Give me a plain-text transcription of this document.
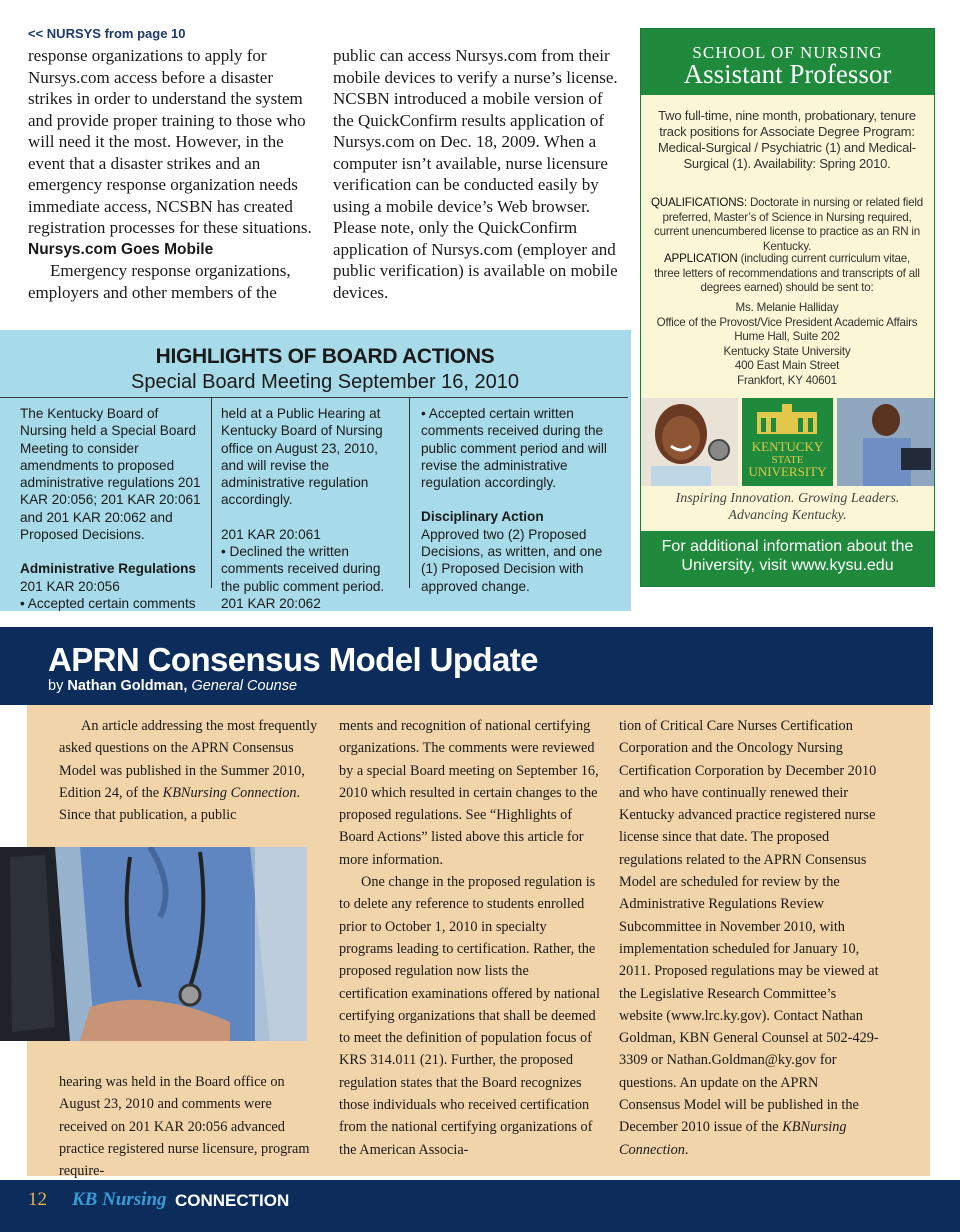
<< NURSYS from page 10

response organizations to apply for Nursys.com access before a disaster strikes in order to understand the system and provide proper training to those who will need it the most. However, in the event that a disaster strikes and an emergency response organization needs immediate access, NCSBN has created registration processes for these situations.

Nursys.com Goes Mobile

Emergency response organizations, employers and other members of the

public can access Nursys.com from their mobile devices to verify a nurse’s license. NCSBN introduced a mobile version of the QuickConfirm results application of Nursys.com on Dec. 18, 2009. When a computer isn’t available, nurse licensure verification can be conducted easily by using a mobile device’s Web browser. Please note, only the QuickConfirm application of Nursys.com (employer and public verification) is available on mobile devices.

HIGHLIGHTS OF BOARD ACTIONS
Special Board Meeting September 16, 2010

The Kentucky Board of Nursing held a Special Board Meeting to consider amendments to proposed administrative regulations 201 KAR 20:056; 201 KAR 20:061 and 201 KAR 20:062 and Proposed Decisions.

Administrative Regulations

201 KAR 20:056

• Accepted certain comments

held at a Public Hearing at Kentucky Board of Nursing office on August 23, 2010, and will revise the administrative regulation accordingly.

201 KAR 20:061

• Declined the written comments received during the public comment period.

201 KAR 20:062

• Accepted certain written comments received during the public comment period and will revise the administrative regulation accordingly.

Disciplinary Action

Approved two (2) Proposed Decisions, as written, and one (1) Proposed Decision with approved change.

SCHOOL OF NURSING
Assistant Professor
Two full-time, nine month, probationary, tenure track positions for Associate Degree Program: Medical-Surgical / Psychiatric (1) and Medical-Surgical (1). Availability: Spring 2010.
QUALIFICATIONS: Doctorate in nursing or related field preferred, Master’s of Science in Nursing required, current unencumbered license to practice as an RN in Kentucky.
APPLICATION (including current curriculum vitae, three letters of recommendations and transcripts of all degrees earned) should be sent to:
Ms. Melanie Halliday
Office of the Provost/Vice President Academic Affairs
Hume Hall, Suite 202
Kentucky State University
400 East Main Street
Frankfort, KY 40601
KENTUCKY
STATE
UNIVERSITY
Inspiring Innovation. Growing Leaders.
Advancing Kentucky.
For additional information about the
University, visit www.kysu.edu
APRN Consensus Model Update
by Nathan Goldman, General Counse

An article addressing the most frequently asked questions on the APRN Consensus Model was published in the Summer 2010, Edition 24, of the KBNursing Connection. Since that publication, a public

hearing was held in the Board office on August 23, 2010 and comments were received on 201 KAR 20:056 advanced practice registered nurse licensure, program require-

ments and recognition of national certifying organizations. The comments were reviewed by a special Board meeting on September 16, 2010 which resulted in certain changes to the proposed regulations. See “Highlights of Board Actions” listed above this article for more information.

One change in the proposed regulation is to delete any reference to students enrolled prior to October 1, 2010 in specialty programs leading to certification. Rather, the proposed regulation now lists the certification examinations offered by national certifying organizations that shall be deemed to meet the definition of population focus of KRS 314.011 (21). Further, the proposed regulation states that the Board recognizes those individuals who received certification from the national certifying organizations of the American Associa-

tion of Critical Care Nurses Certification Corporation and the Oncology Nursing Certification Corporation by December 2010 and who have continually renewed their Kentucky advanced practice registered nurse license since that date. The proposed regulations related to the APRN Consensus Model are scheduled for review by the Administrative Regulations Review Subcommittee in November 2010, with implementation scheduled for January 10, 2011. Proposed regulations may be viewed at the Legislative Research Committee’s website (www.lrc.ky.gov). Contact Nathan Goldman, KBN General Counsel at 502-429-3309 or Nathan.Goldman@ky.gov for questions. An update on the APRN Consensus Model will be published in the December 2010 issue of the KBNursing Connection.

12 KB Nursing CONNECTION
